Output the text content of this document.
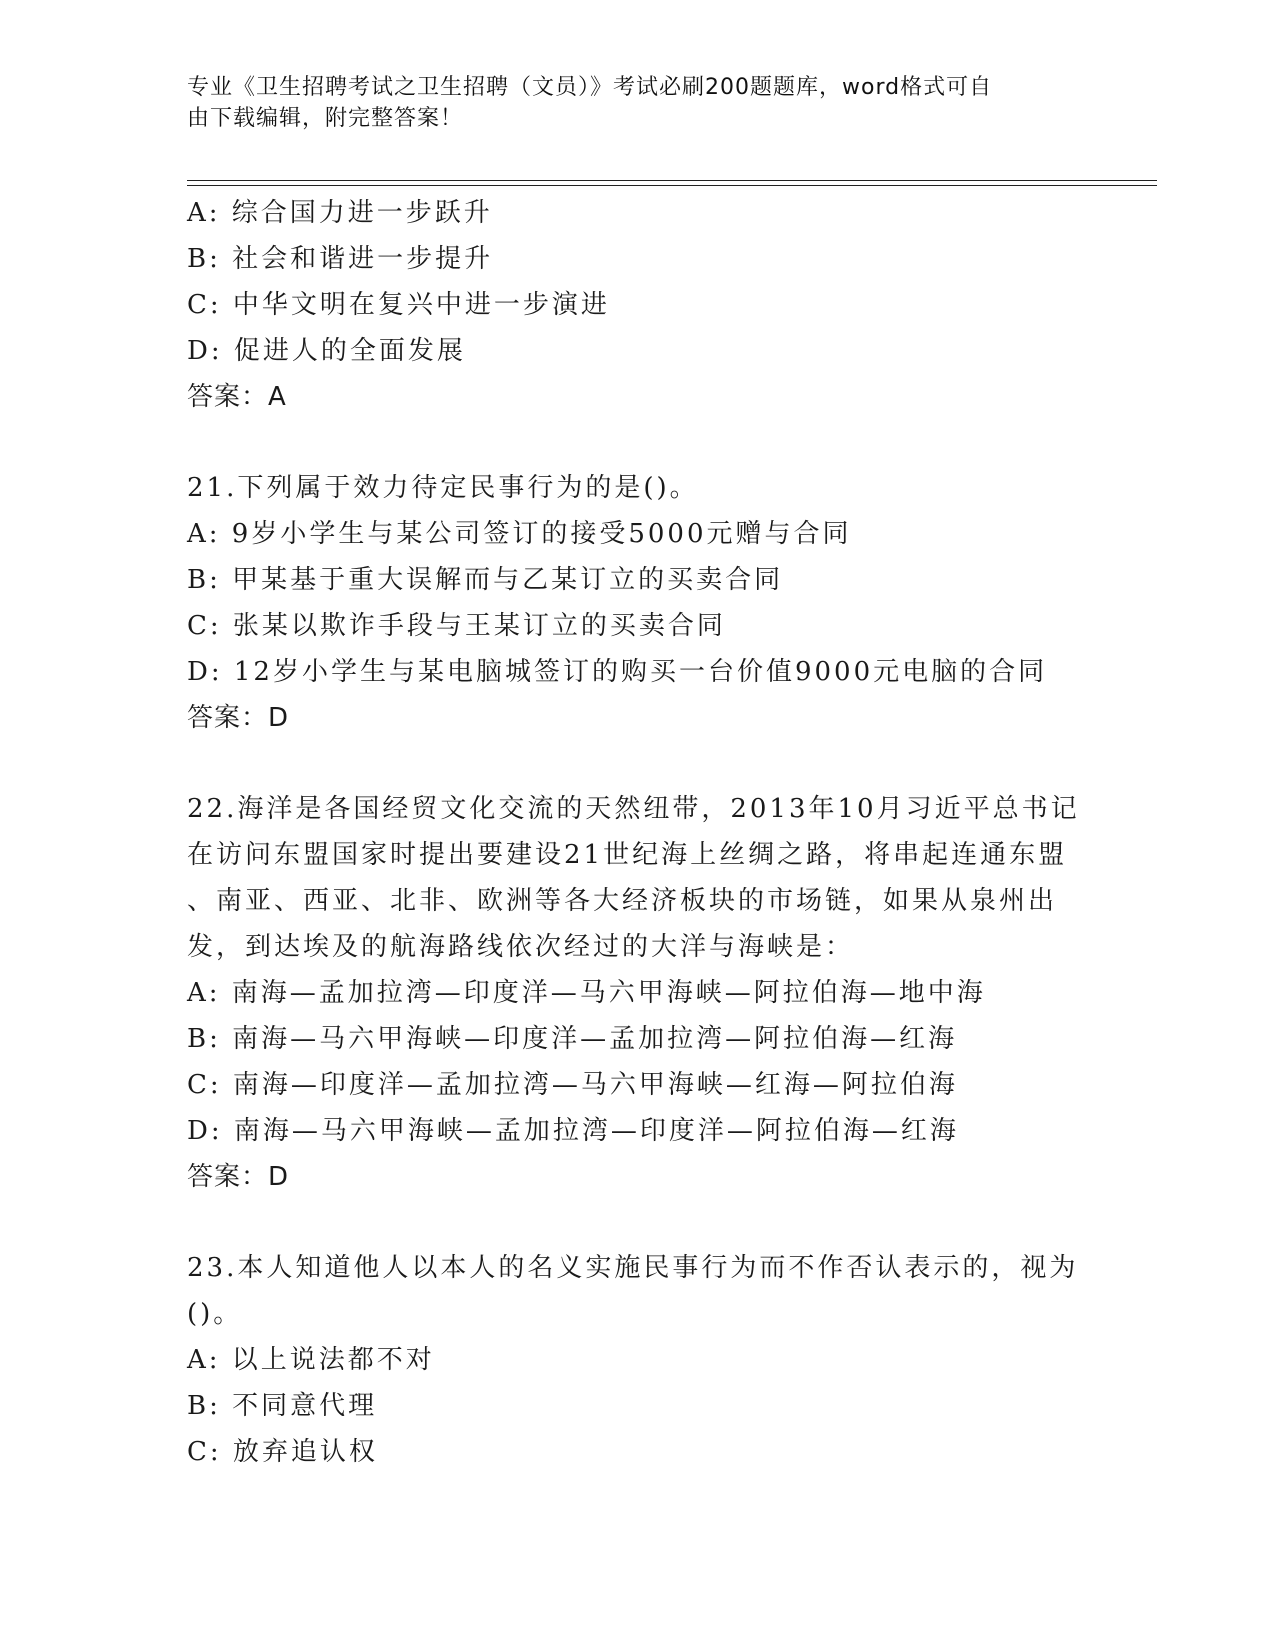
专业《卫生招聘考试之卫生招聘（文员）》考试必刷200题题库，word格式可自
由下载编辑，附完整答案！
A: 综合国力进一步跃升
B: 社会和谐进一步提升
C: 中华文明在复兴中进一步演进
D: 促进人的全面发展
答案：A
21.下列属于效力待定民事行为的是()。
A: 9岁小学生与某公司签订的接受5000元赠与合同
B: 甲某基于重大误解而与乙某订立的买卖合同
C: 张某以欺诈手段与王某订立的买卖合同
D: 12岁小学生与某电脑城签订的购买一台价值9000元电脑的合同
答案：D
22.海洋是各国经贸文化交流的天然纽带，2013年10月习近平总书记
在访问东盟国家时提出要建设21世纪海上丝绸之路，将串起连通东盟
、南亚、西亚、北非、欧洲等各大经济板块的市场链，如果从泉州出
发，到达埃及的航海路线依次经过的大洋与海峡是：
A: 南海—孟加拉湾—印度洋—马六甲海峡—阿拉伯海—地中海
B: 南海—马六甲海峡—印度洋—孟加拉湾—阿拉伯海—红海
C: 南海—印度洋—孟加拉湾—马六甲海峡—红海—阿拉伯海
D: 南海—马六甲海峡—孟加拉湾—印度洋—阿拉伯海—红海
答案：D
23.本人知道他人以本人的名义实施民事行为而不作否认表示的，视为
()。
A: 以上说法都不对
B: 不同意代理
C: 放弃追认权
